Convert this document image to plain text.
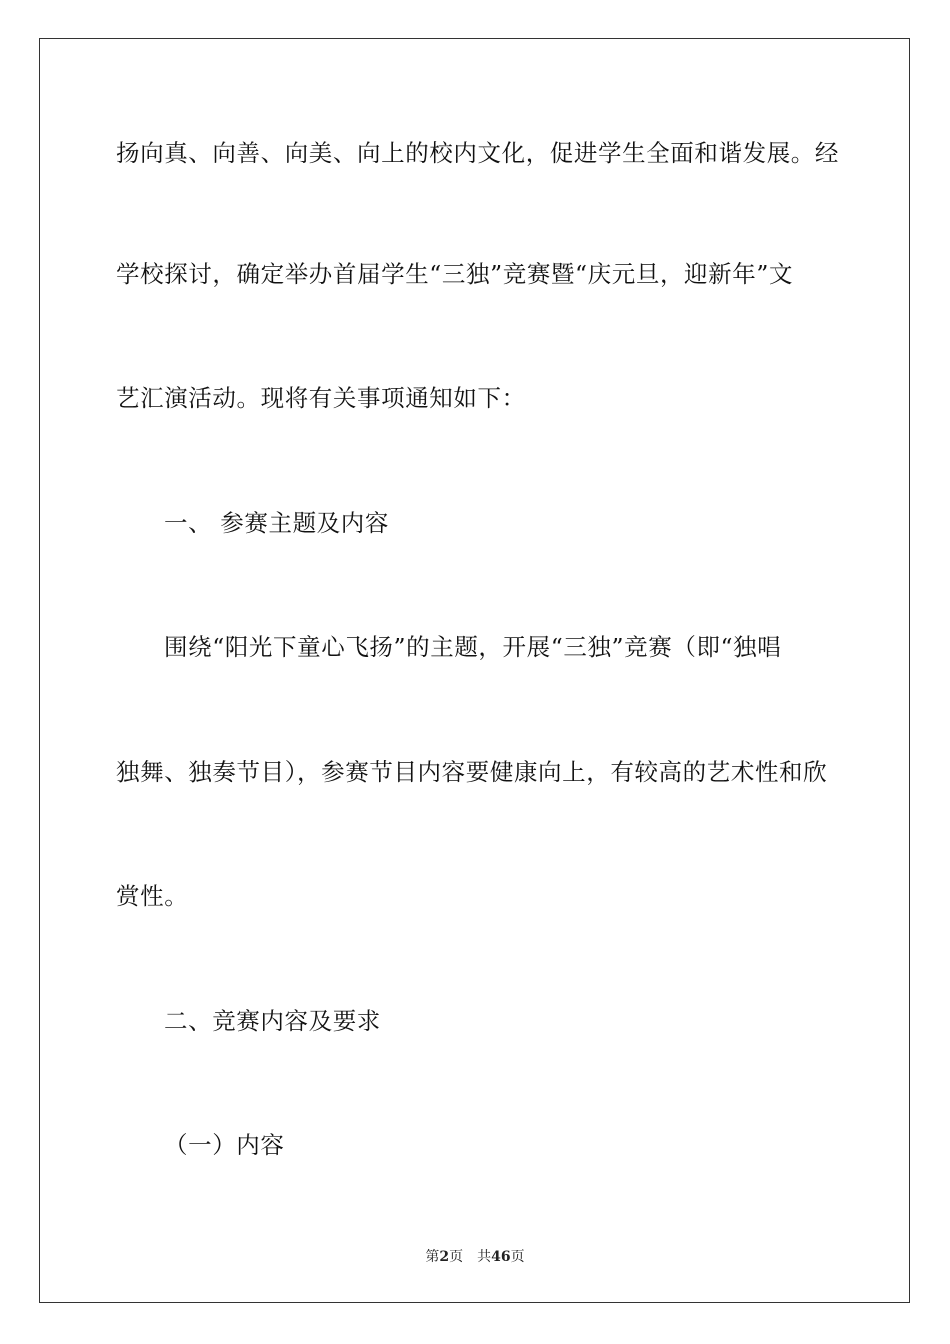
扬向真、向善、向美、向上的校内文化，促进学生全面和谐发展。经
学校探讨，确定举办首届学生“三独”竞赛暨“庆元旦，迎新年”文
艺汇演活动。现将有关事项通知如下：
一、 参赛主题及内容
围绕“阳光下童心飞扬”的主题，开展“三独”竞赛（即“独唱
独舞、独奏节目），参赛节目内容要健康向上，有较高的艺术性和欣
赏性。
二、竞赛内容及要求
（一）内容
第2页 共46页
